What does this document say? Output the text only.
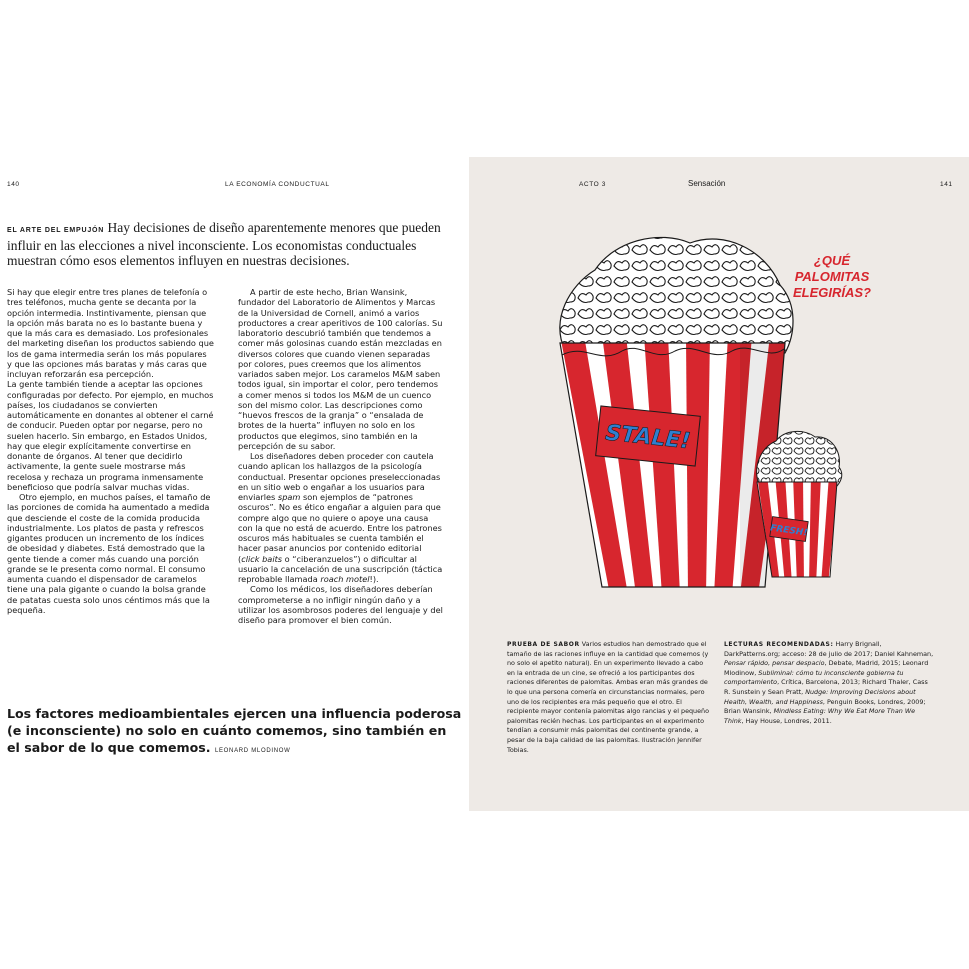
140	LA ECONOMÍA CONDUCTUAL
EL ARTE DEL EMPUJÓN Hay decisiones de diseño aparentemente menores que pueden influir en las elecciones a nivel inconsciente. Los economistas conductuales muestran cómo esos elementos influyen en nuestras decisiones.

Si hay que elegir entre tres planes de telefonía o tres teléfonos, mucha gente se decanta por la opción intermedia. Instintivamente, piensan que la opción más barata no es lo bastante buena y que la más cara es demasiado. Los profesionales del marketing diseñan los productos sabiendo que los de gama intermedia serán los más populares y que las opciones más baratas y más caras que incluyan reforzarán esa percepción.

La gente también tiende a aceptar las opciones configuradas por defecto. Por ejemplo, en muchos países, los ciudadanos se convierten automáticamente en donantes al obtener el carné de conducir. Pueden optar por negarse, pero no suelen hacerlo. Sin embargo, en Estados Unidos, hay que elegir explícitamente convertirse en donante de órganos. Al tener que decidirlo activamente, la gente suele mostrarse más recelosa y rechaza un programa inmensamente beneficioso que podría salvar muchas vidas.

Otro ejemplo, en muchos países, el tamaño de las porciones de comida ha aumentado a medida que desciende el coste de la comida producida industrialmente. Los platos de pasta y refrescos gigantes producen un incremento de los índices de obesidad y diabetes. Está demostrado que la gente tiende a comer más cuando una porción grande se le presenta como normal. El consumo aumenta cuando el dispensador de caramelos tiene una pala gigante o cuando la bolsa grande de patatas cuesta solo unos céntimos más que la pequeña.

A partir de este hecho, Brian Wansink, fundador del Laboratorio de Alimentos y Marcas de la Universidad de Cornell, animó a varios productores a crear aperitivos de 100 calorías. Su laboratorio descubrió también que tendemos a comer más golosinas cuando están mezcladas en diversos colores que cuando vienen separadas por colores, pues creemos que los alimentos variados saben mejor. Los caramelos M&M saben todos igual, sin importar el color, pero tendemos a comer menos si todos los M&M de un cuenco son del mismo color. Las descripciones como “huevos frescos de la granja” o “ensalada de brotes de la huerta” influyen no solo en los productos que elegimos, sino también en la percepción de su sabor.

Los diseñadores deben proceder con cautela cuando aplican los hallazgos de la psicología conductual. Presentar opciones preseleccionadas en un sitio web o engañar a los usuarios para enviarles spam son ejemplos de “patrones oscuros”. No es ético engañar a alguien para que compre algo que no quiere o apoye una causa con la que no está de acuerdo. Entre los patrones oscuros más habituales se cuenta también el hacer pasar anuncios por contenido editorial (click baits o “ciberanzuelos”) o dificultar al usuario la cancelación de una suscripción (táctica reprobable llamada roach motel!).

Como los médicos, los diseñadores deberían comprometerse a no infligir ningún daño y a utilizar los asombrosos poderes del lenguaje y del diseño para promover el bien común.

Los factores medioambientales ejercen una influencia poderosa (e inconsciente) no solo en cuánto comemos, sino también en el sabor de lo que comemos. LEONARD MLODINOW
ACTO 3	Sensación	141
¿QUÉ
PALOMITAS
ELEGIRÍAS?
STALE!
FRESH!
PRUEBA DE SABOR Varios estudios han demostrado que el tamaño de las raciones influye en la cantidad que comemos (y no solo el apetito natural). En un experimento llevado a cabo en la entrada de un cine, se ofreció a los participantes dos raciones diferentes de palomitas. Ambas eran más grandes de lo que una persona comería en circunstancias normales, pero uno de los recipientes era más pequeño que el otro. El recipiente mayor contenía palomitas algo rancias y el pequeño palomitas recién hechas. Los participantes en el experimento tendían a consumir más palomitas del continente grande, a pesar de la baja calidad de las palomitas. Ilustración Jennifer Tobias.
LECTURAS RECOMENDADAS: Harry Brignall, DarkPatterns.org; acceso: 28 de julio de 2017; Daniel Kahneman, Pensar rápido, pensar despacio, Debate, Madrid, 2015; Leonard Mlodinow, Subliminal: cómo tu inconsciente gobierna tu comportamiento, Crítica, Barcelona, 2013; Richard Thaler, Cass R. Sunstein y Sean Pratt, Nudge: Improving Decisions about Health, Wealth, and Happiness, Penguin Books, Londres, 2009; Brian Wansink, Mindless Eating: Why We Eat More Than We Think, Hay House, Londres, 2011.
